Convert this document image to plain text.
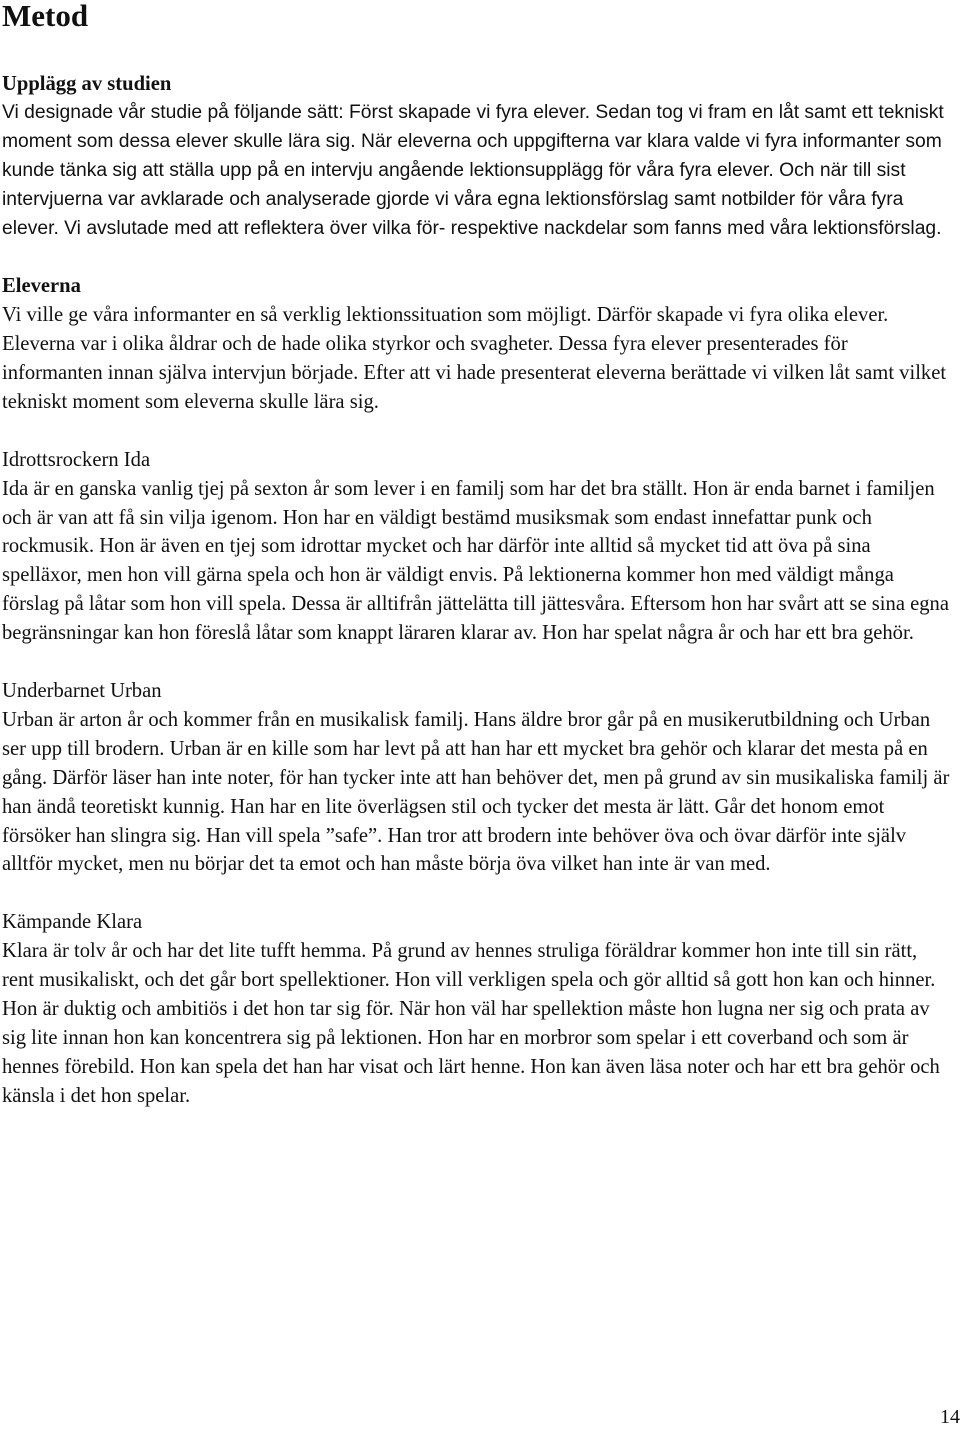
Metod
Upplägg av studien
Vi designade vår studie på följande sätt: Först skapade vi fyra elever. Sedan tog vi fram en låt samt ett tekniskt moment som dessa elever skulle lära sig. När eleverna och uppgifterna var klara valde vi fyra informanter som kunde tänka sig att ställa upp på en intervju angående lektionsupplägg för våra fyra elever. Och när till sist intervjuerna var avklarade och analyserade gjorde vi våra egna lektionsförslag samt notbilder för våra fyra elever. Vi avslutade med att reflektera över vilka för- respektive nackdelar som fanns med våra lektionsförslag.
Eleverna
Vi ville ge våra informanter en så verklig lektionssituation som möjligt. Därför skapade vi fyra olika elever. Eleverna var i olika åldrar och de hade olika styrkor och svagheter. Dessa fyra elever presenterades för informanten innan själva intervjun började. Efter att vi hade presenterat eleverna berättade vi vilken låt samt vilket tekniskt moment som eleverna skulle lära sig.
Idrottsrockern Ida
Ida är en ganska vanlig tjej på sexton år som lever i en familj som har det bra ställt. Hon är enda barnet i familjen och är van att få sin vilja igenom. Hon har en väldigt bestämd musiksmak som endast innefattar punk och rockmusik. Hon är även en tjej som idrottar mycket och har därför inte alltid så mycket tid att öva på sina spelläxor, men hon vill gärna spela och hon är väldigt envis. På lektionerna kommer hon med väldigt många förslag på låtar som hon vill spela. Dessa är alltifrån jättelätta till jättesvåra. Eftersom hon har svårt att se sina egna begränsningar kan hon föreslå låtar som knappt läraren klarar av. Hon har spelat några år och har ett bra gehör.
Underbarnet Urban
Urban är arton år och kommer från en musikalisk familj. Hans äldre bror går på en musikerutbildning och Urban ser upp till brodern. Urban är en kille som har levt på att han har ett mycket bra gehör och klarar det mesta på en gång. Därför läser han inte noter, för han tycker inte att han behöver det, men på grund av sin musikaliska familj är han ändå teoretiskt kunnig. Han har en lite överlägsen stil och tycker det mesta är lätt. Går det honom emot försöker han slingra sig. Han vill spela ”safe”. Han tror att brodern inte behöver öva och övar därför inte själv alltför mycket, men nu börjar det ta emot och han måste börja öva vilket han inte är van med.
Kämpande Klara
Klara är tolv år och har det lite tufft hemma. På grund av hennes struliga föräldrar kommer hon inte till sin rätt, rent musikaliskt, och det går bort spellektioner. Hon vill verkligen spela och gör alltid så gott hon kan och hinner. Hon är duktig och ambitiös i det hon tar sig för. När hon väl har spellektion måste hon lugna ner sig och prata av sig lite innan hon kan koncentrera sig på lektionen. Hon har en morbror som spelar i ett coverband och som är hennes förebild. Hon kan spela det han har visat och lärt henne. Hon kan även läsa noter och har ett bra gehör och känsla i det hon spelar.
14
